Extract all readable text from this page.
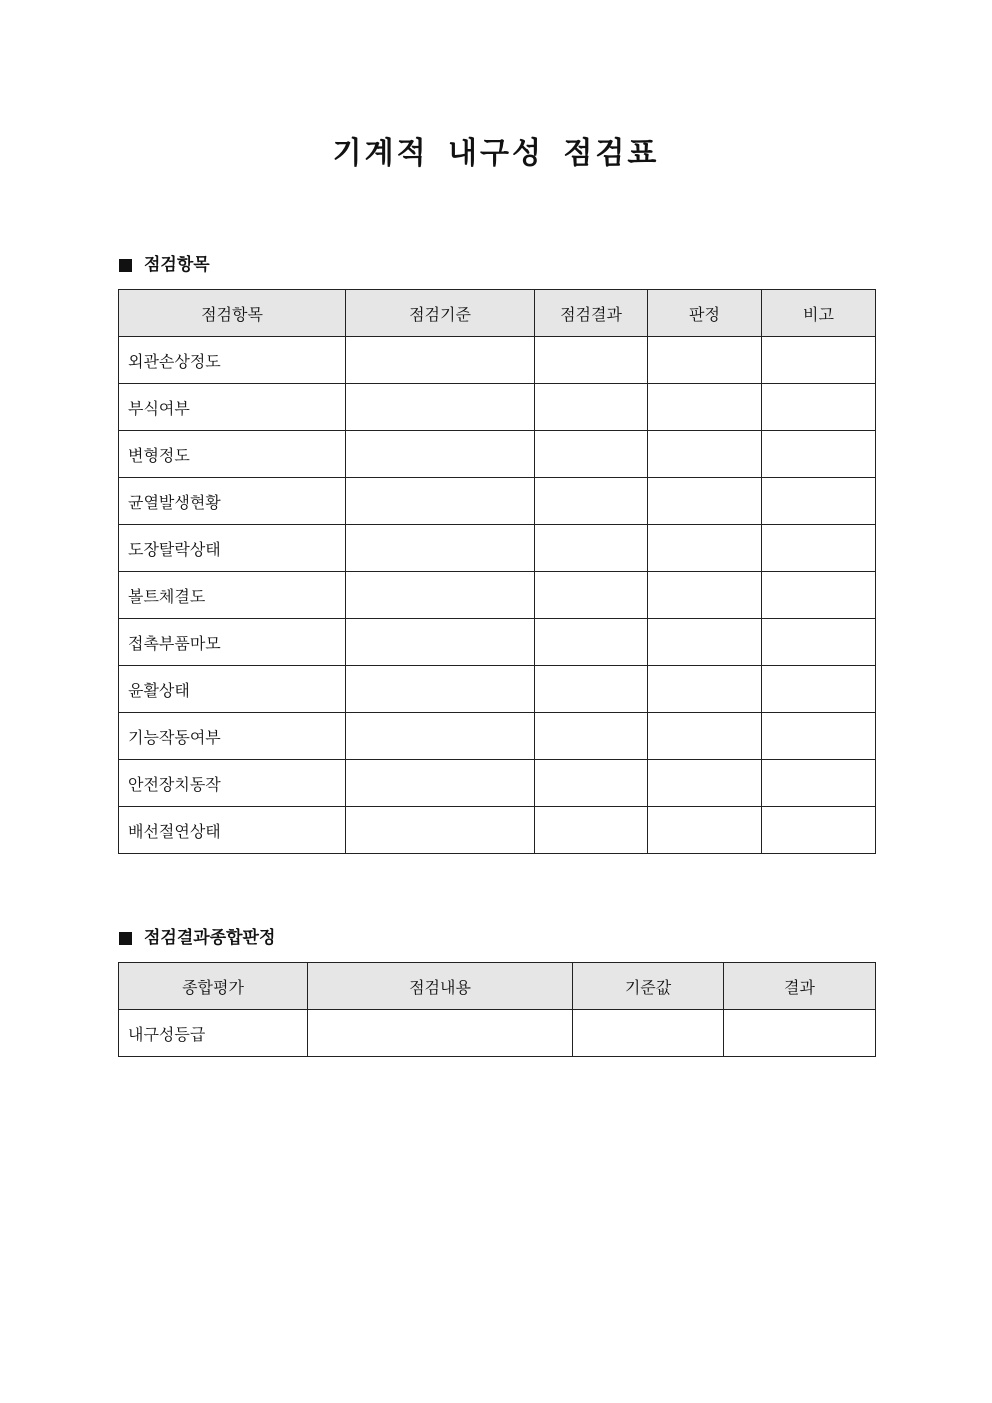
기계적 내구성 점검표
점검항목
점검항목	점검기준	점검결과	판정	비고
외관손상정도				
부식여부				
변형정도				
균열발생현황				
도장탈락상태				
볼트체결도				
접촉부품마모				
윤활상태				
기능작동여부				
안전장치동작				
배선절연상태				
점검결과종합판정
종합평가	점검내용	기준값	결과
내구성등급			
